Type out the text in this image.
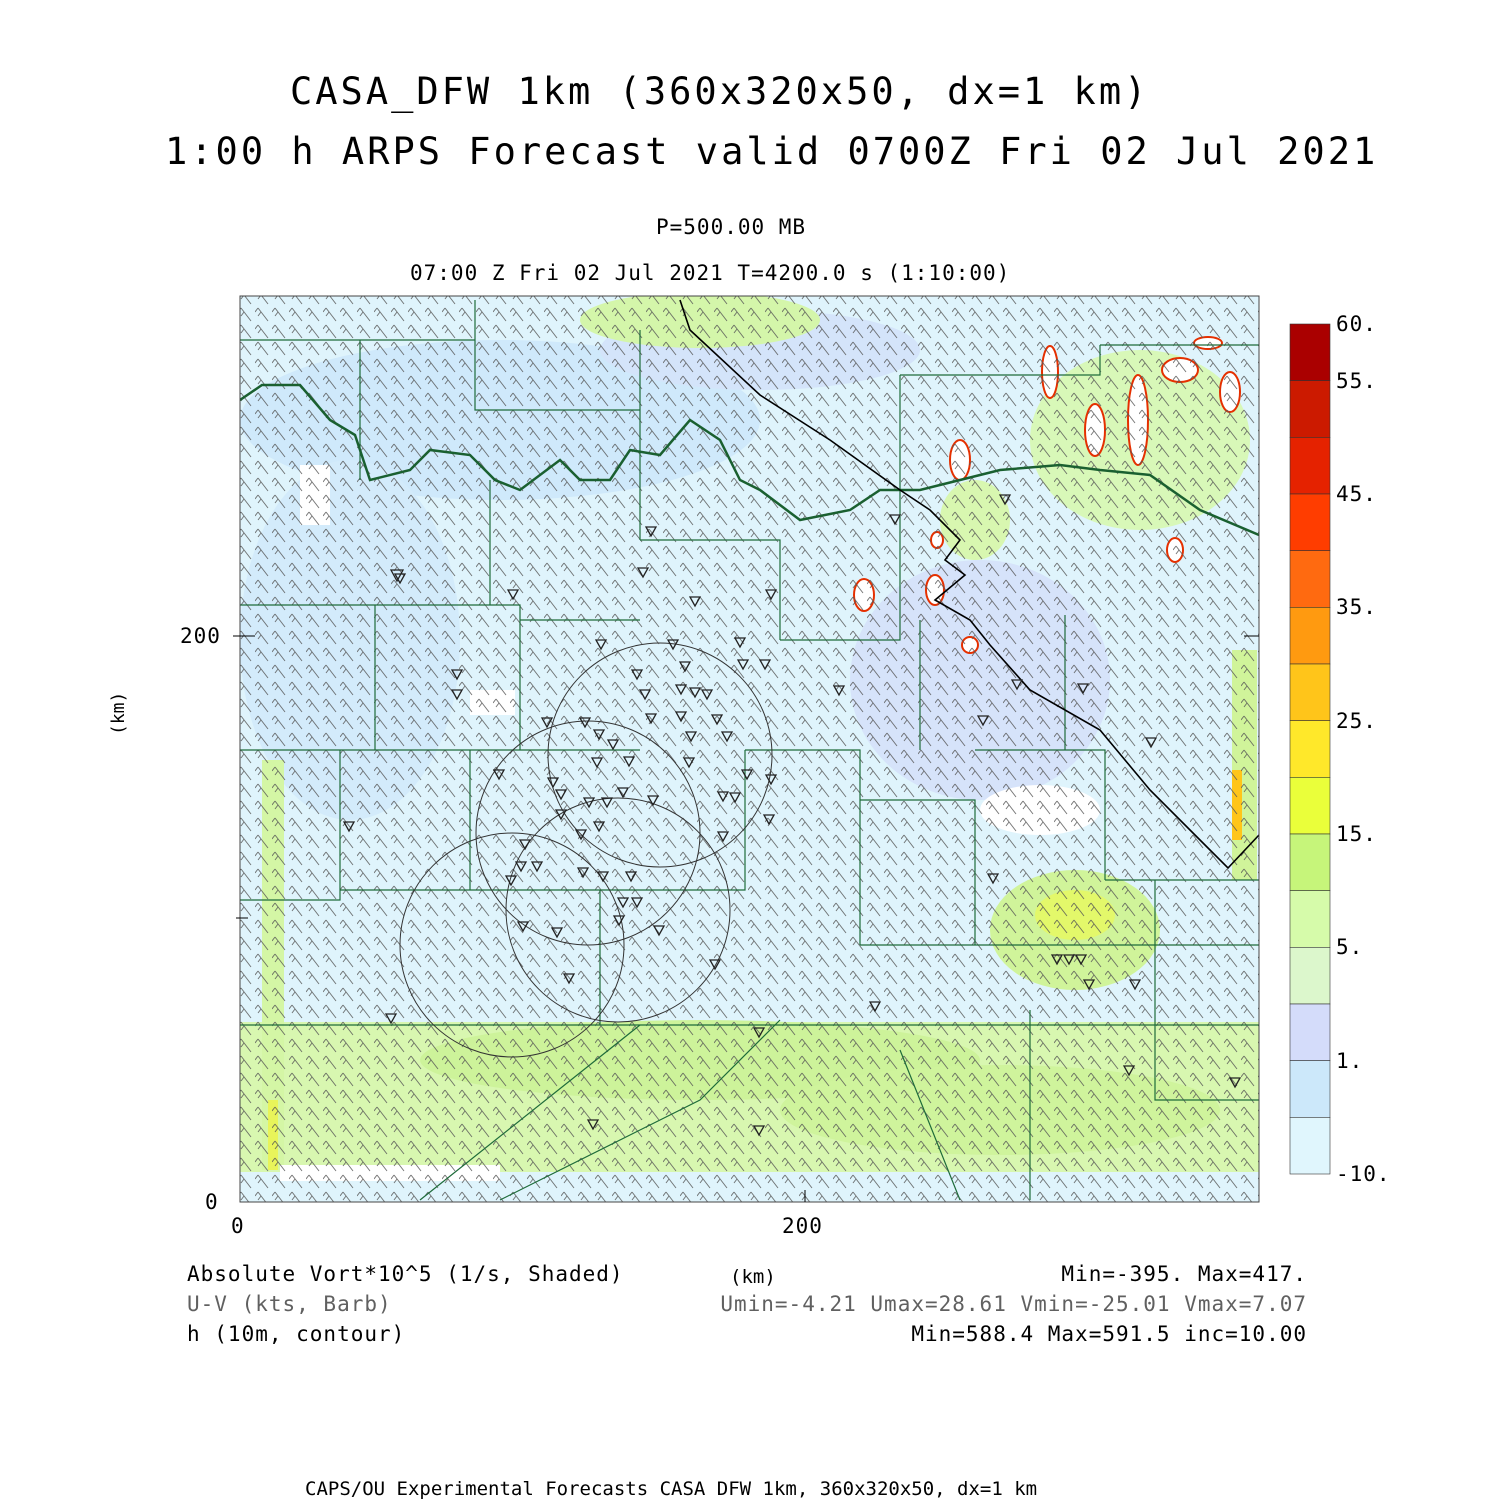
CASA_DFW 1km (360x320x50, dx=1 km)
1:00 h ARPS Forecast valid 0700Z Fri 02 Jul 2021
P=500.00 MB
07:00 Z Fri 02 Jul 2021 T=4200.0 s (1:10:00)
200
0
0	200
(km)
(km)
60.
55.
45.
35.
25.
15.
5.
1.
-10.
Absolute Vort*10^5 (1/s, Shaded)
U-V (kts, Barb)
h (10m, contour)
Min=-395. Max=417.
Umin=-4.21 Umax=28.61 Vmin=-25.01 Vmax=7.07
Min=588.4 Max=591.5 inc=10.00
CAPS/OU Experimental Forecasts CASA DFW 1km, 360x320x50, dx=1 km
